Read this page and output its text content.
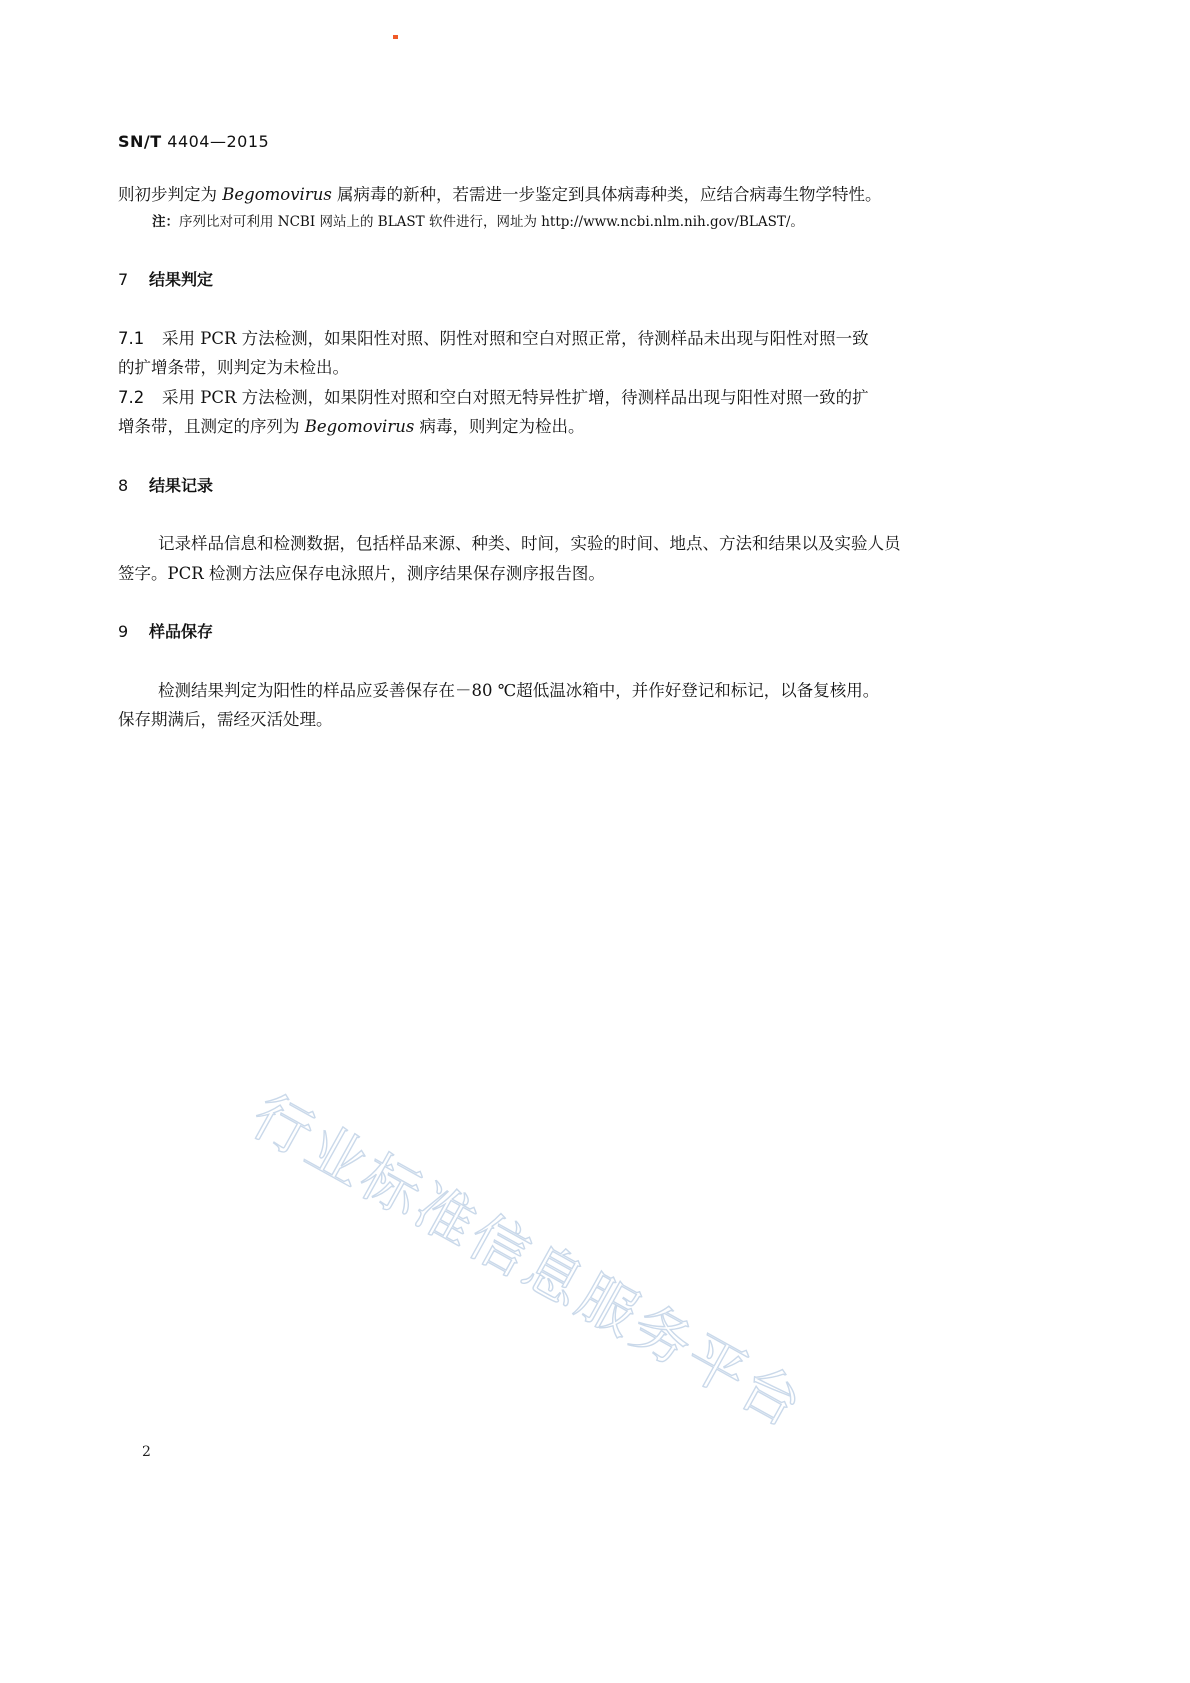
SN/T 4404—2015
则初步判定为 Begomovirus 属病毒的新种，若需进一步鉴定到具体病毒种类，应结合病毒生物学特性。
注：序列比对可利用 NCBI 网站上的 BLAST 软件进行，网址为 http://www.ncbi.nlm.nih.gov/BLAST/。
7 结果判定
7.1 采用 PCR 方法检测，如果阳性对照、阴性对照和空白对照正常，待测样品未出现与阳性对照一致
的扩增条带，则判定为未检出。
7.2 采用 PCR 方法检测，如果阴性对照和空白对照无特异性扩增，待测样品出现与阳性对照一致的扩
增条带，且测定的序列为 Begomovirus 病毒，则判定为检出。
8 结果记录
记录样品信息和检测数据，包括样品来源、种类、时间，实验的时间、地点、方法和结果以及实验人员
签字。PCR 检测方法应保存电泳照片，测序结果保存测序报告图。
9 样品保存
检测结果判定为阳性的样品应妥善保存在－80 ℃超低温冰箱中，并作好登记和标记，以备复核用。
保存期满后，需经灭活处理。
行业标准信息服务平台
2
